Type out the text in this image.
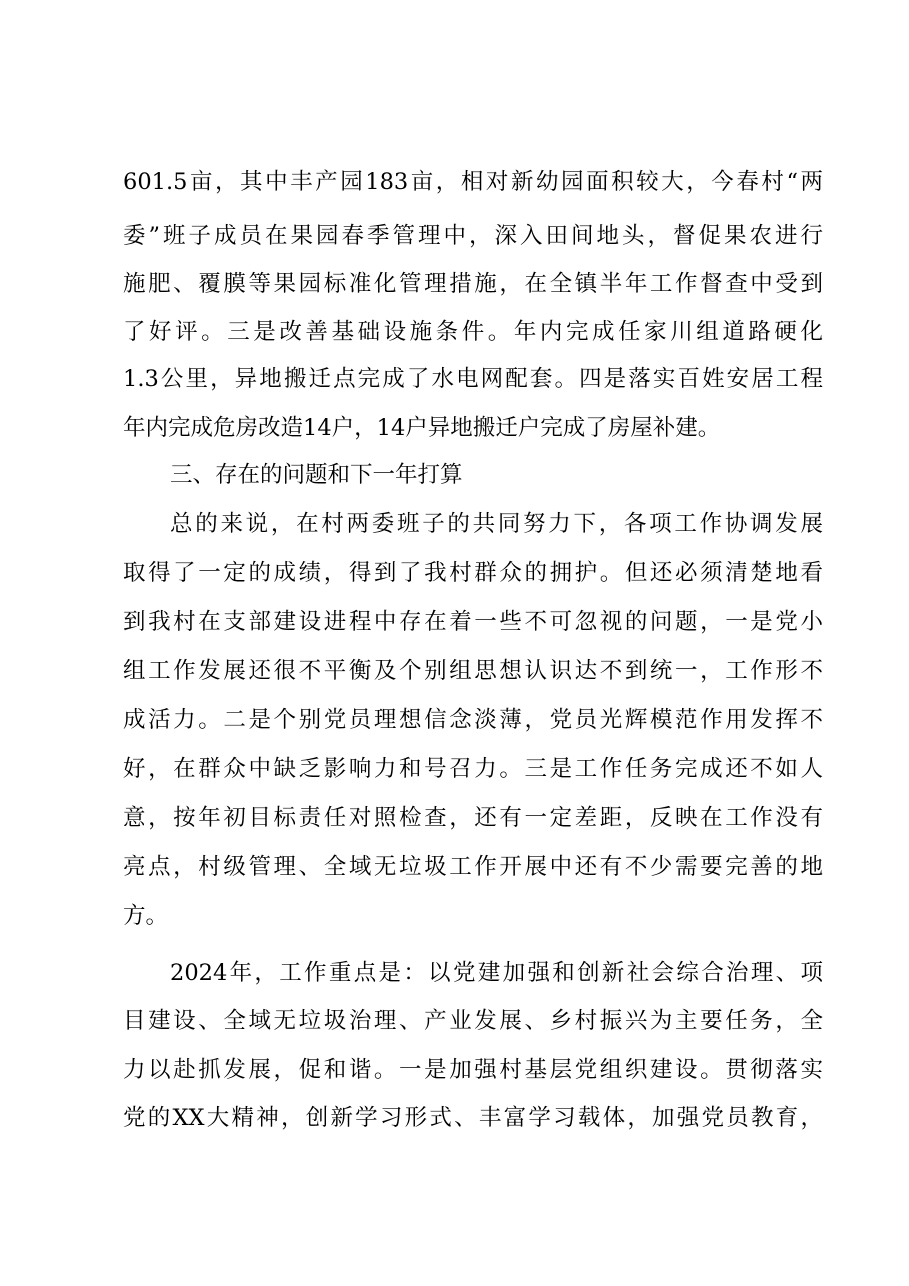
601.5亩，其中丰产园183亩，相对新幼园面积较大，今春村“两
委”班子成员在果园春季管理中，深入田间地头，督促果农进行
施肥、覆膜等果园标准化管理措施，在全镇半年工作督查中受到
了好评。三是改善基础设施条件。年内完成任家川组道路硬化
1.3公里，异地搬迁点完成了水电网配套。四是落实百姓安居工程
年内完成危房改造14户，14户异地搬迁户完成了房屋补建。
三、存在的问题和下一年打算
总的来说，在村两委班子的共同努力下，各项工作协调发展
取得了一定的成绩，得到了我村群众的拥护。但还必须清楚地看
到我村在支部建设进程中存在着一些不可忽视的问题，一是党小
组工作发展还很不平衡及个别组思想认识达不到统一，工作形不
成活力。二是个别党员理想信念淡薄，党员光辉模范作用发挥不
好，在群众中缺乏影响力和号召力。三是工作任务完成还不如人
意，按年初目标责任对照检查，还有一定差距，反映在工作没有
亮点，村级管理、全域无垃圾工作开展中还有不少需要完善的地
方。
2024年，工作重点是：以党建加强和创新社会综合治理、项
目建设、全域无垃圾治理、产业发展、乡村振兴为主要任务，全
力以赴抓发展，促和谐。一是加强村基层党组织建设。贯彻落实
党的XX大精神，创新学习形式、丰富学习载体，加强党员教育，
